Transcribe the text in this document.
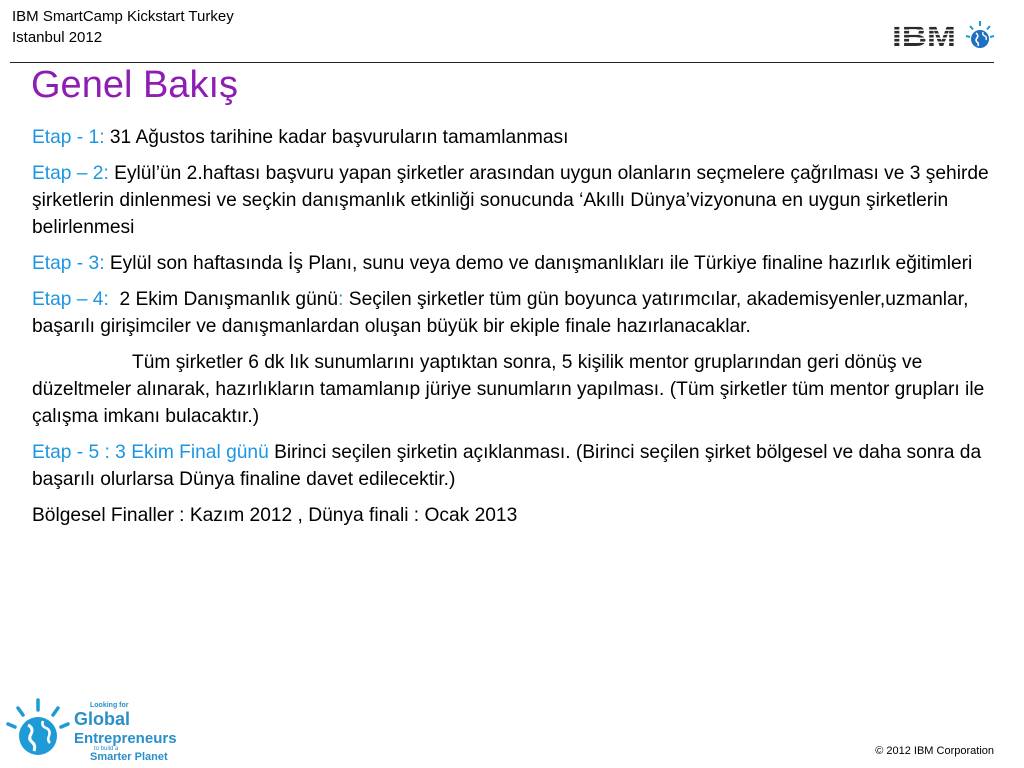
IBM SmartCamp Kickstart Turkey
Istanbul 2012
Genel Bakış

Etap - 1: 31 Ağustos tarihine kadar başvuruların tamamlanması

Etap – 2: Eylül’ün 2.haftası başvuru yapan şirketler arasından uygun olanların seçmelere çağrılması ve 3 şehirde şirketlerin dinlenmesi ve seçkin danışmanlık etkinliği sonucunda ‘Akıllı Dünya’vizyonuna en uygun şirketlerin belirlenmesi

Etap - 3: Eylül son haftasında İş Planı, sunu veya demo ve danışmanlıkları ile Türkiye finaline hazırlık eğitimleri

Etap – 4:  2 Ekim Danışmanlık günü: Seçilen şirketler tüm gün boyunca yatırımcılar, akademisyenler,uzmanlar, başarılı girişimciler ve danışmanlardan oluşan büyük bir ekiple finale hazırlanacaklar.

Tüm şirketler 6 dk lık sunumlarını yaptıktan sonra, 5 kişilik mentor gruplarından geri dönüş ve düzeltmeler alınarak, hazırlıkların tamamlanıp jüriye sunumların yapılması. (Tüm şirketler tüm mentor grupları ile çalışma imkanı bulacaktır.)

Etap - 5 : 3 Ekim Final günü Birinci seçilen şirketin açıklanması. (Birinci seçilen şirket bölgesel ve daha sonra da başarılı olurlarsa Dünya finaline davet edilecektir.)

Bölgesel Finaller : Kazım 2012 , Dünya finali : Ocak 2013

Looking for
Global
Entrepreneurs
to build a
Smarter Planet	© 2012 IBM Corporation
